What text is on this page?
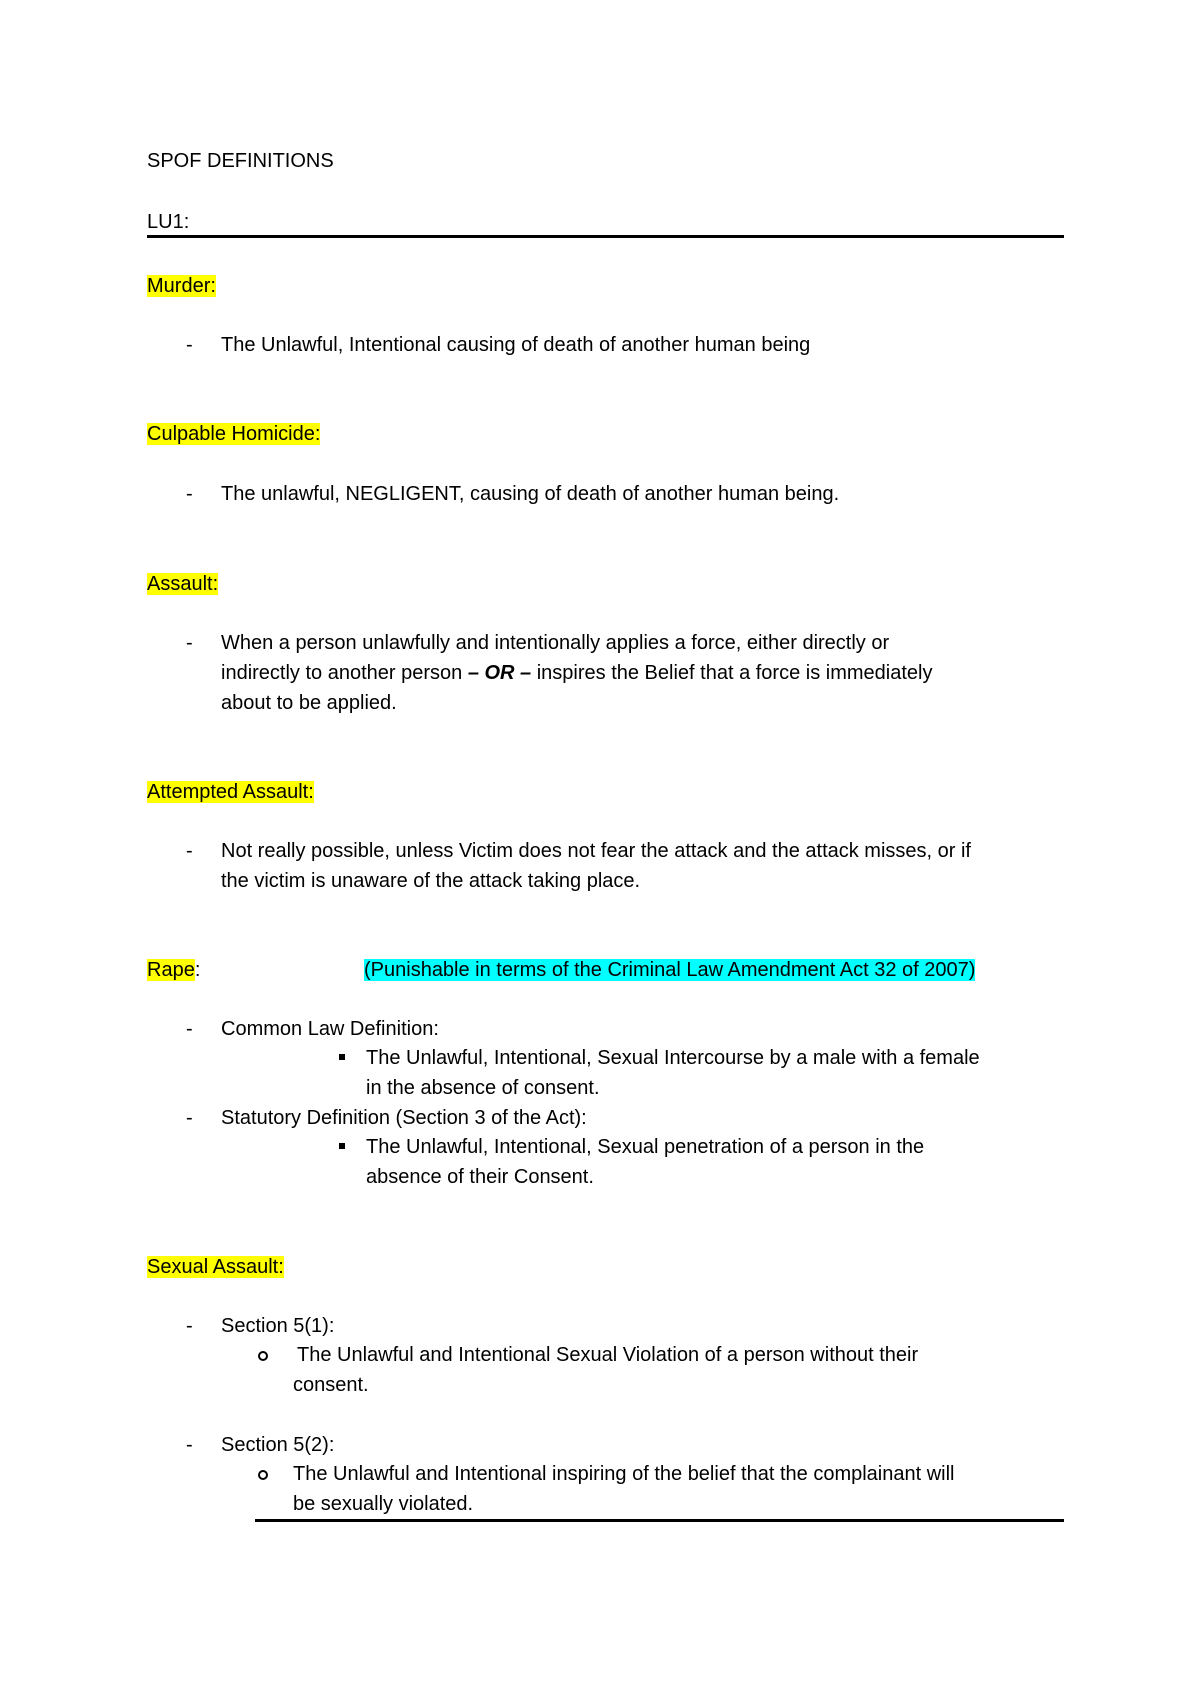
SPOF DEFINITIONS
LU1:
Murder:
- The Unlawful, Intentional causing of death of another human being
Culpable Homicide:
- The unlawful, NEGLIGENT, causing of death of another human being.
Assault:
- When a person unlawfully and intentionally applies a force, either directly or
indirectly to another person – OR – inspires the Belief that a force is immediately
about to be applied.
Attempted Assault:
- Not really possible, unless Victim does not fear the attack and the attack misses, or if
the victim is unaware of the attack taking place.
Rape:	(Punishable in terms of the Criminal Law Amendment Act 32 of 2007)
- Common Law Definition:
The Unlawful, Intentional, Sexual Intercourse by a male with a female
in the absence of consent.
- Statutory Definition (Section 3 of the Act):
The Unlawful, Intentional, Sexual penetration of a person in the
absence of their Consent.
Sexual Assault:
- Section 5(1):
The Unlawful and Intentional Sexual Violation of a person without their
consent.
- Section 5(2):
The Unlawful and Intentional inspiring of the belief that the complainant will
be sexually violated.
